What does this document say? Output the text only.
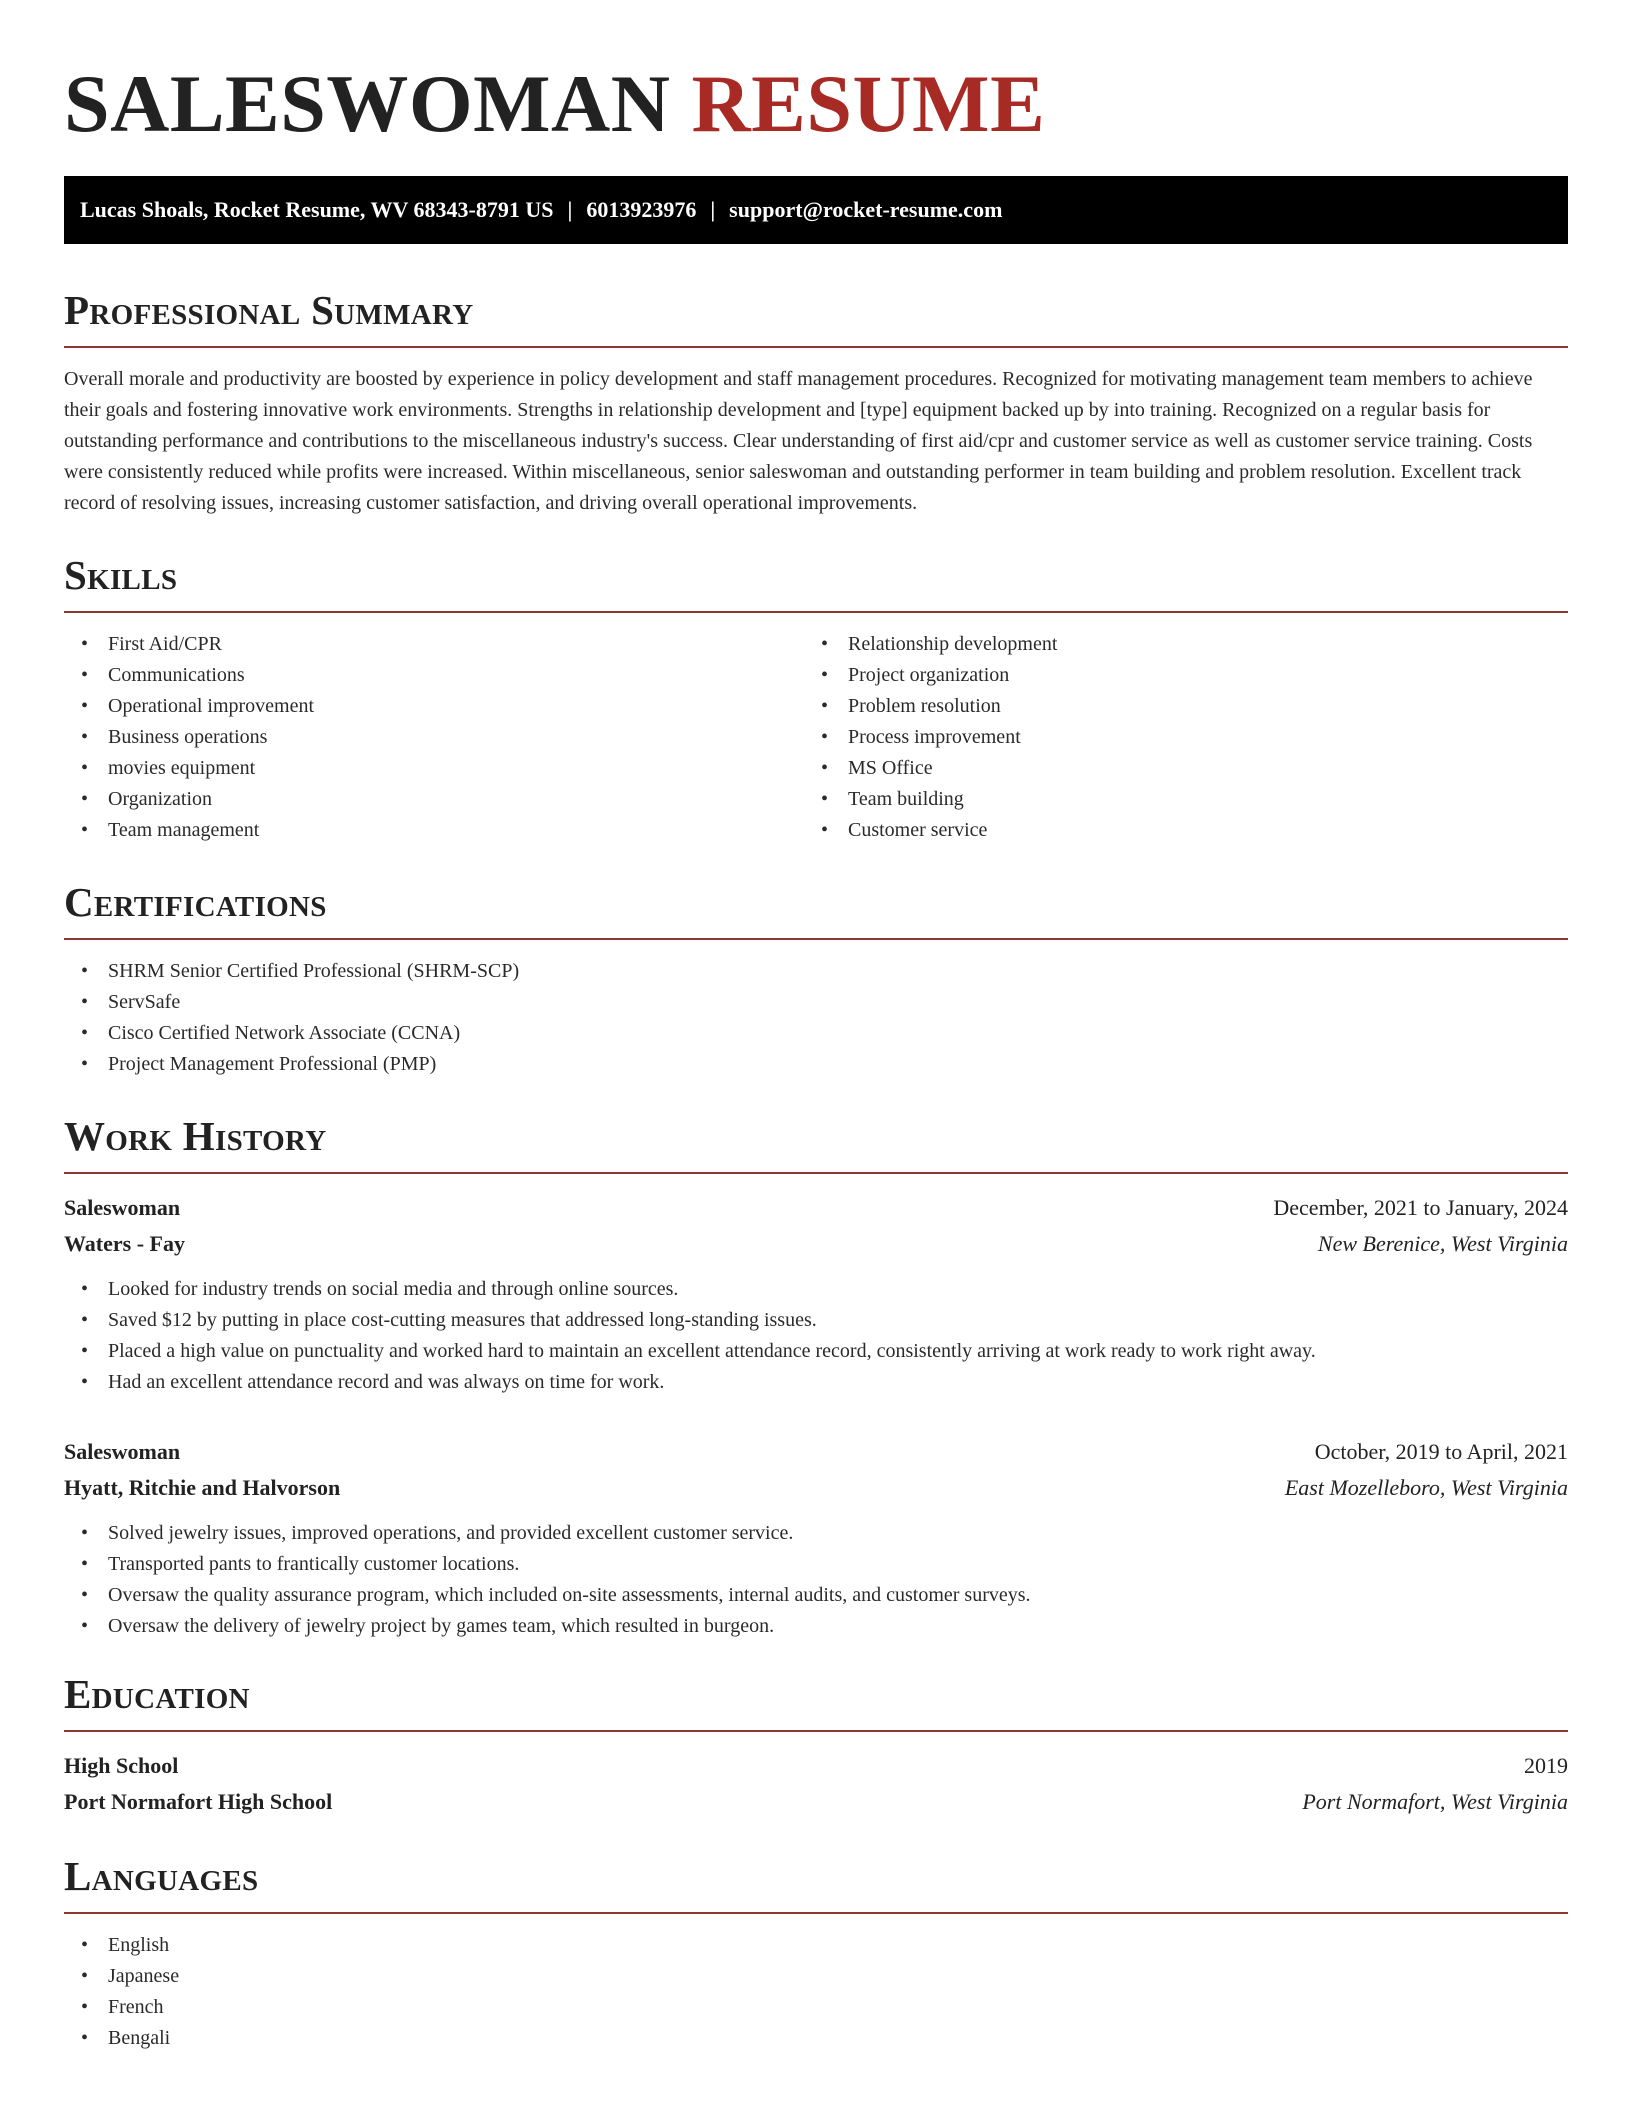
SALESWOMAN RESUME
Lucas Shoals, Rocket Resume, WV 68343-8791 US | 6013923976 | support@rocket-resume.com
Professional Summary

Overall morale and productivity are boosted by experience in policy development and staff management procedures. Recognized for motivating management team members to achieve their goals and fostering innovative work environments. Strengths in relationship development and [type] equipment backed up by into training. Recognized on a regular basis for outstanding performance and contributions to the miscellaneous industry's success. Clear understanding of first aid/cpr and customer service as well as customer service training. Costs were consistently reduced while profits were increased. Within miscellaneous, senior saleswoman and outstanding performer in team building and problem resolution. Excellent track record of resolving issues, increasing customer satisfaction, and driving overall operational improvements.

Skills
• First Aid/CPR
• Communications
• Operational improvement
• Business operations
• movies equipment
• Organization
• Team management
• Relationship development
• Project organization
• Problem resolution
• Process improvement
• MS Office
• Team building
• Customer service
Certifications
• SHRM Senior Certified Professional (SHRM-SCP)
• ServSafe
• Cisco Certified Network Associate (CCNA)
• Project Management Professional (PMP)
Work History
Saleswoman	December, 2021 to January, 2024
Waters - Fay	New Berenice, West Virginia
• Looked for industry trends on social media and through online sources.
• Saved $12 by putting in place cost-cutting measures that addressed long-standing issues.
• Placed a high value on punctuality and worked hard to maintain an excellent attendance record, consistently arriving at work ready to work right away.
• Had an excellent attendance record and was always on time for work.
Saleswoman	October, 2019 to April, 2021
Hyatt, Ritchie and Halvorson	East Mozelleboro, West Virginia
• Solved jewelry issues, improved operations, and provided excellent customer service.
• Transported pants to frantically customer locations.
• Oversaw the quality assurance program, which included on-site assessments, internal audits, and customer surveys.
• Oversaw the delivery of jewelry project by games team, which resulted in burgeon.
Education
High School	2019
Port Normafort High School	Port Normafort, West Virginia
Languages
• English
• Japanese
• French
• Bengali
